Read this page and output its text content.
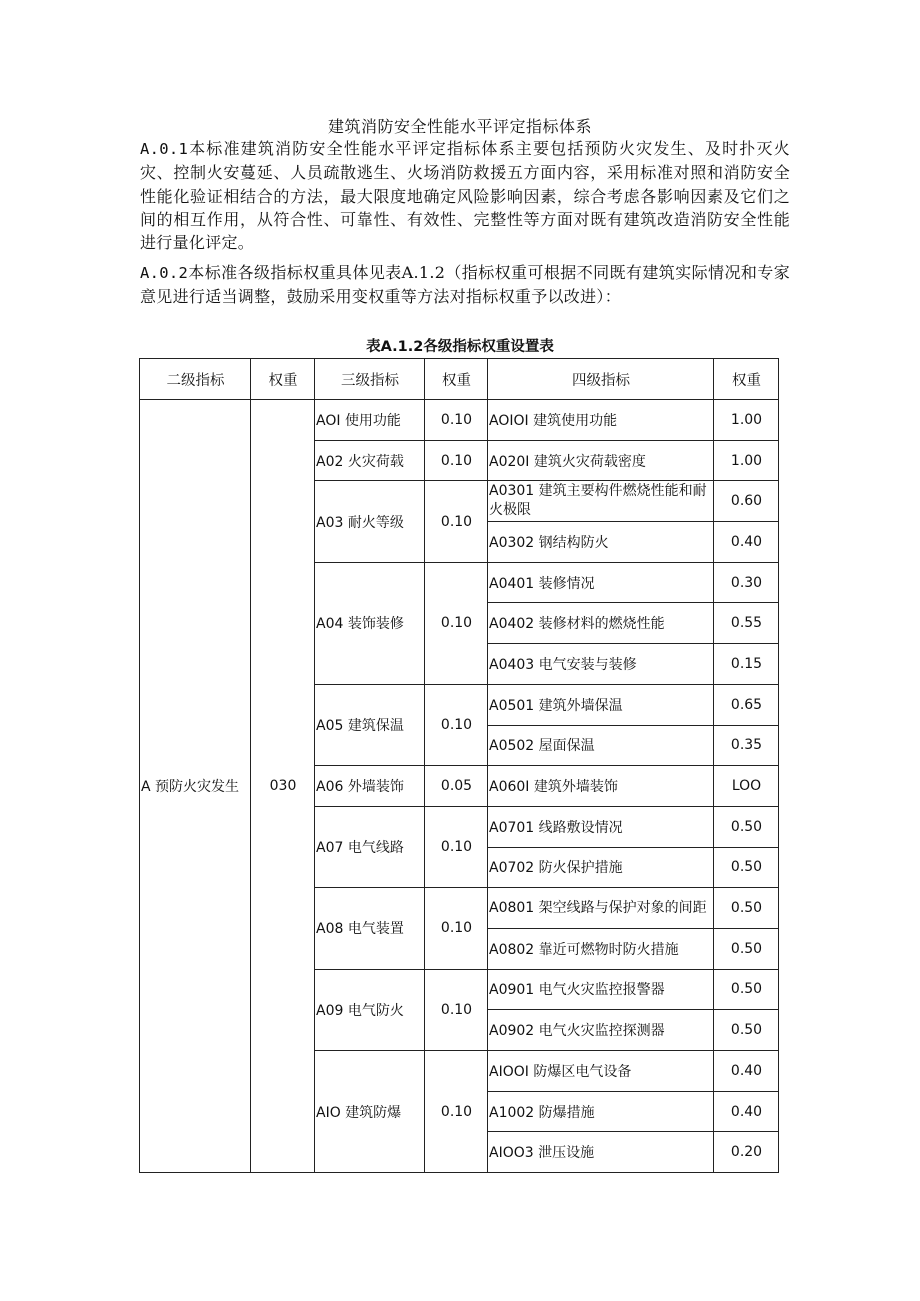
建筑消防安全性能水平评定指标体系

A.0.1本标准建筑消防安全性能水平评定指标体系主要包括预防火灾发生、及时扑灭火灾、控制火安蔓延、人员疏散逃生、火场消防救援五方面内容，采用标准对照和消防安全性能化验证相结合的方法，最大限度地确定风险影响因素，综合考虑各影响因素及它们之间的相互作用，从符合性、可靠性、有效性、完整性等方面对既有建筑改造消防安全性能进行量化评定。

A.0.2本标准各级指标权重具体见表A.1.2（指标权重可根据不同既有建筑实际情况和专家意见进行适当调整，鼓励采用变权重等方法对指标权重予以改进）：

表A.1.2各级指标权重设置表

二级指标	权重	三级指标	权重	四级指标	权重
A 预防火灾发生	030	AOI 使用功能	0.10	AOIOI 建筑使用功能	1.00
		A02 火灾荷载	0.10	A020I 建筑火灾荷载密度	1.00
		A03 耐火等级	0.10	A0301 建筑主要构件燃烧性能和耐火极限	0.60
				A0302 钢结构防火	0.40
		A04 装饰装修	0.10	A0401 装修情况	0.30
				A0402 装修材料的燃烧性能	0.55
				A0403 电气安装与装修	0.15
		A05 建筑保温	0.10	A0501 建筑外墙保温	0.65
				A0502 屋面保温	0.35
		A06 外墙装饰	0.05	A060I 建筑外墙装饰	LOO
		A07 电气线路	0.10	A0701 线路敷设情况	0.50
				A0702 防火保护措施	0.50
		A08 电气装置	0.10	A0801 架空线路与保护对象的间距	0.50
				A0802 靠近可燃物时防火措施	0.50
		A09 电气防火	0.10	A0901 电气火灾监控报警器	0.50
				A0902 电气火灾监控探测器	0.50
		AIO 建筑防爆	0.10	AIOOI 防爆区电气设备	0.40
				A1002 防爆措施	0.40
				AIOO3 泄压设施	0.20
